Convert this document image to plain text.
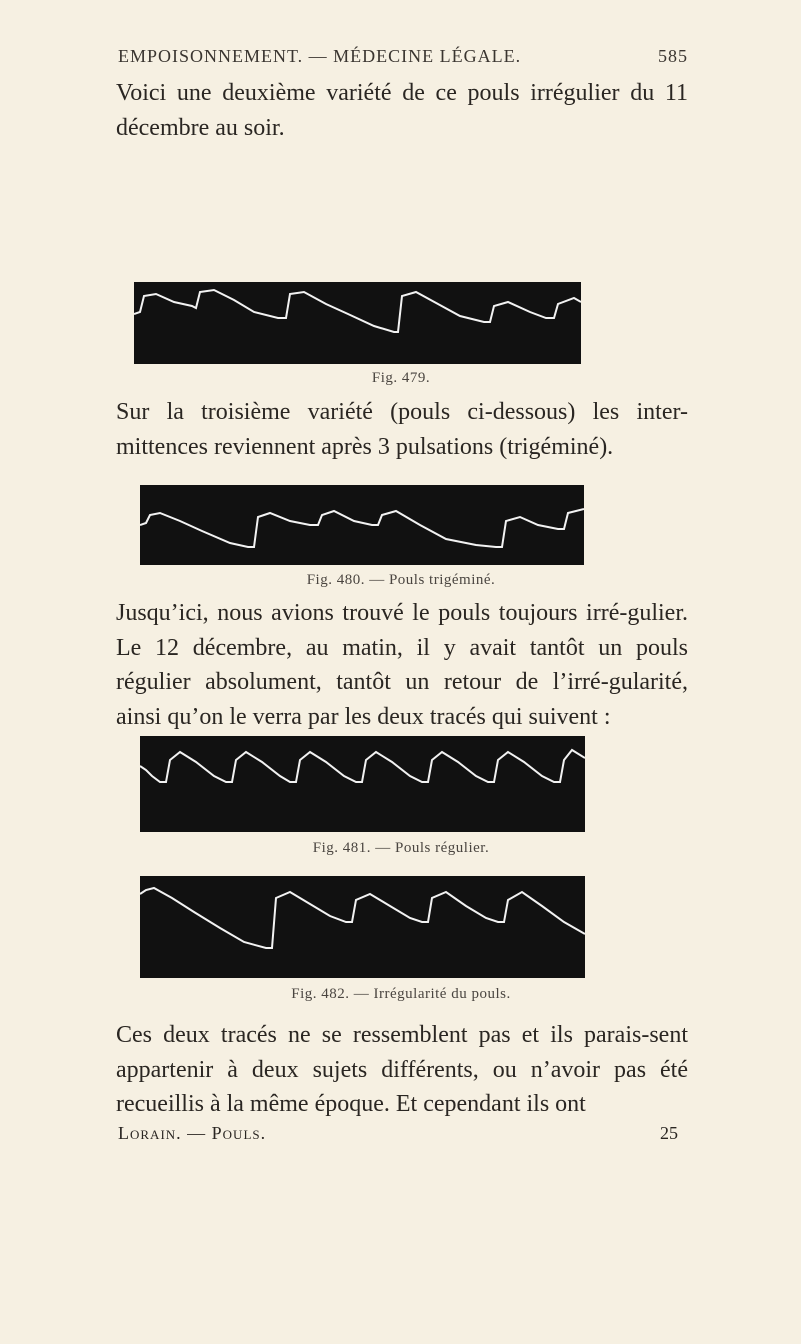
EMPOISONNEMENT. — MÉDECINE LÉGALE.	585

Voici une deuxième variété de ce pouls irrégulier du 11 décembre au soir.

Fig. 479.

Sur la troisième variété (pouls ci-dessous) les inter-mittences reviennent après 3 pulsations (trigéminé).

Fig. 480. — Pouls trigéminé.

Jusqu’ici, nous avions trouvé le pouls toujours irré-gulier. Le 12 décembre, au matin, il y avait tantôt un pouls régulier absolument, tantôt un retour de l’irré-gularité, ainsi qu’on le verra par les deux tracés qui suivent :

Fig. 481. — Pouls régulier.
Fig. 482. — Irrégularité du pouls.

Ces deux tracés ne se ressemblent pas et ils parais-sent appartenir à deux sujets différents, ou n’avoir pas été recueillis à la même époque. Et cependant ils ont

Lorain. — Pouls.	25
